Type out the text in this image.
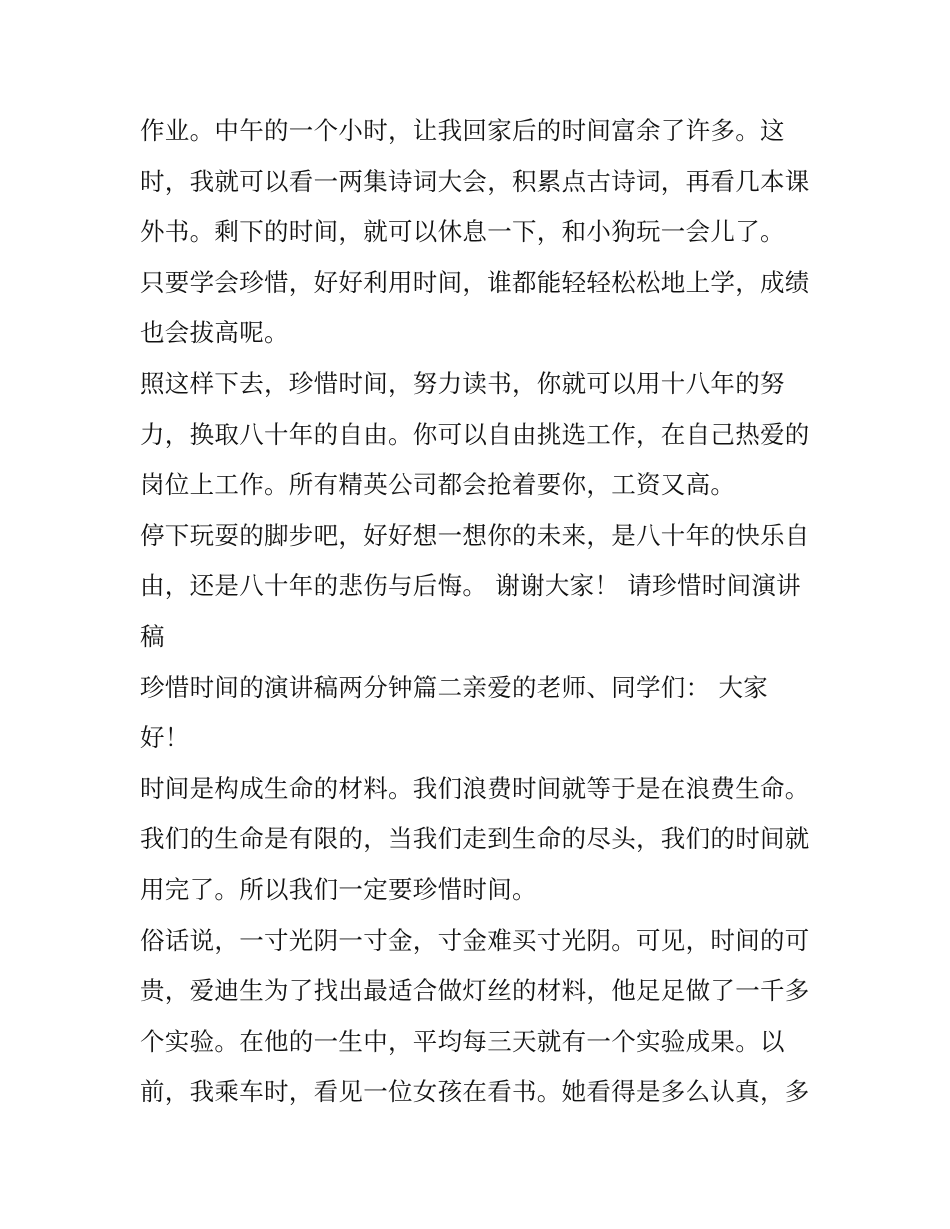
作业。中午的一个小时，让我回家后的时间富余了许多。这
时，我就可以看一两集诗词大会，积累点古诗词，再看几本课
外书。剩下的时间，就可以休息一下，和小狗玩一会儿了。
只要学会珍惜，好好利用时间，谁都能轻轻松松地上学，成绩
也会拔高呢。
照这样下去，珍惜时间，努力读书，你就可以用十八年的努
力，换取八十年的自由。你可以自由挑选工作，在自己热爱的
岗位上工作。所有精英公司都会抢着要你，工资又高。
停下玩耍的脚步吧，好好想一想你的未来，是八十年的快乐自
由，还是八十年的悲伤与后悔。 谢谢大家！ 请珍惜时间演讲
稿
珍惜时间的演讲稿两分钟篇二亲爱的老师、同学们： 大家
好！
时间是构成生命的材料。我们浪费时间就等于是在浪费生命。
我们的生命是有限的，当我们走到生命的尽头，我们的时间就
用完了。所以我们一定要珍惜时间。
俗话说，一寸光阴一寸金，寸金难买寸光阴。可见，时间的可
贵，爱迪生为了找出最适合做灯丝的材料，他足足做了一千多
个实验。在他的一生中，平均每三天就有一个实验成果。以
前，我乘车时，看见一位女孩在看书。她看得是多么认真，多
